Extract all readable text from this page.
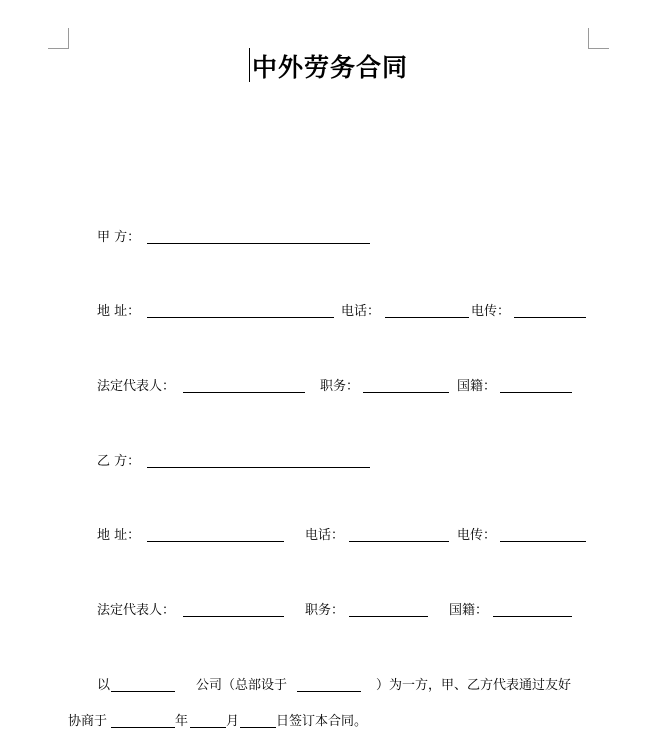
中外劳务合同
甲 方：
地 址：	电话：	电传：
法定代表人：	职务：	国籍：
乙 方：
地 址：	电话：	电传：
法定代表人：	职务：	国籍：
以	公司（总部设于	）为一方，甲、乙方代表通过友好
协商于	年	月	日签订本合同。
